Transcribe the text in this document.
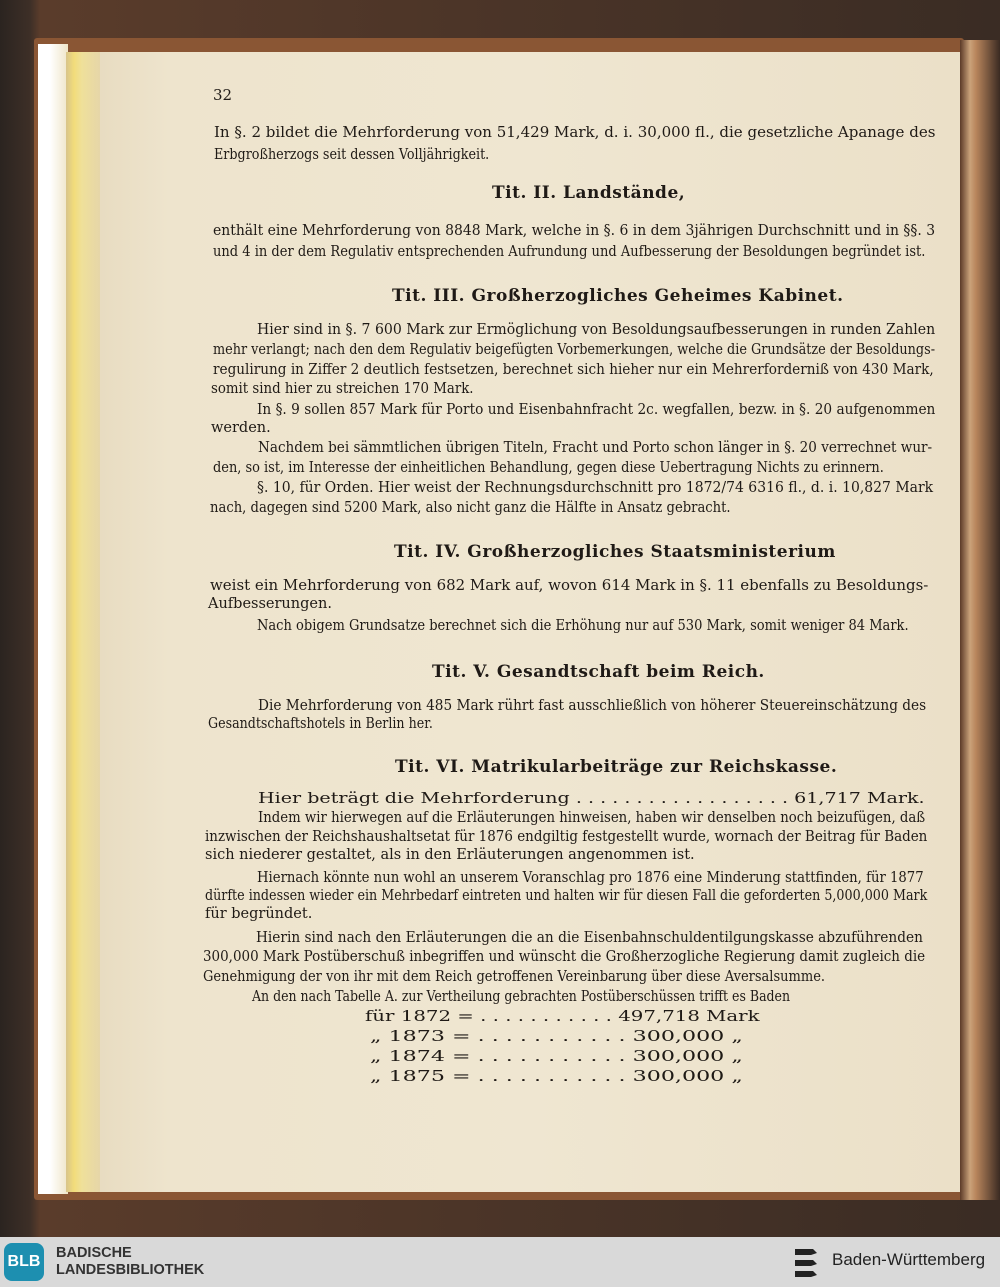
32
In §. 2 bildet die Mehrforderung von 51,429 Mark, d. i. 30,000 fl., die gesetzliche Apanage des
Erbgroßherzogs seit dessen Volljährigkeit.
Tit. II. Landstände,
enthält eine Mehrforderung von 8848 Mark, welche in §. 6 in dem 3jährigen Durchschnitt und in §§. 3
und 4 in der dem Regulativ entsprechenden Aufrundung und Aufbesserung der Besoldungen begründet ist.
Tit. III. Großherzogliches Geheimes Kabinet.
Hier sind in §. 7 600 Mark zur Ermöglichung von Besoldungsaufbesserungen in runden Zahlen
mehr verlangt; nach den dem Regulativ beigefügten Vorbemerkungen, welche die Grundsätze der Besoldungs-
regulirung in Ziffer 2 deutlich festsetzen, berechnet sich hieher nur ein Mehrerforderniß von 430 Mark,
somit sind hier zu streichen 170 Mark.
In §. 9 sollen 857 Mark für Porto und Eisenbahnfracht 2c. wegfallen, bezw. in §. 20 aufgenommen
werden.
Nachdem bei sämmtlichen übrigen Titeln, Fracht und Porto schon länger in §. 20 verrechnet wur-
den, so ist, im Interesse der einheitlichen Behandlung, gegen diese Uebertragung Nichts zu erinnern.
§. 10, für Orden. Hier weist der Rechnungsdurchschnitt pro 1872/74 6316 fl., d. i. 10,827 Mark
nach, dagegen sind 5200 Mark, also nicht ganz die Hälfte in Ansatz gebracht.
Tit. IV. Großherzogliches Staatsministerium
weist ein Mehrforderung von 682 Mark auf, wovon 614 Mark in §. 11 ebenfalls zu Besoldungs-
Aufbesserungen.
Nach obigem Grundsatze berechnet sich die Erhöhung nur auf 530 Mark, somit weniger 84 Mark.
Tit. V. Gesandtschaft beim Reich.
Die Mehrforderung von 485 Mark rührt fast ausschließlich von höherer Steuereinschätzung des
Gesandtschaftshotels in Berlin her.
Tit. VI. Matrikularbeiträge zur Reichskasse.
Hier beträgt die Mehrforderung . . . . . . . . . . . . . . . . . . 61,717 Mark.
Indem wir hierwegen auf die Erläuterungen hinweisen, haben wir denselben noch beizufügen, daß
inzwischen der Reichshaushaltsetat für 1876 endgiltig festgestellt wurde, wornach der Beitrag für Baden
sich niederer gestaltet, als in den Erläuterungen angenommen ist.
Hiernach könnte nun wohl an unserem Voranschlag pro 1876 eine Minderung stattfinden, für 1877
dürfte indessen wieder ein Mehrbedarf eintreten und halten wir für diesen Fall die geforderten 5,000,000 Mark
für begründet.
Hierin sind nach den Erläuterungen die an die Eisenbahnschuldentilgungskasse abzuführenden
300,000 Mark Postüberschuß inbegriffen und wünscht die Großherzogliche Regierung damit zugleich die
Genehmigung der von ihr mit dem Reich getroffenen Vereinbarung über diese Aversalsumme.
An den nach Tabelle A. zur Vertheilung gebrachten Postüberschüssen trifft es Baden
für 1872 = . . . . . . . . . . . 497,718 Mark
„ 1873 = . . . . . . . . . . . 300,000 „
„ 1874 = . . . . . . . . . . . 300,000 „
„ 1875 = . . . . . . . . . . . 300,000 „
BLB BADISCHE
LANDESBIBLIOTHEK
Baden-Württemberg
